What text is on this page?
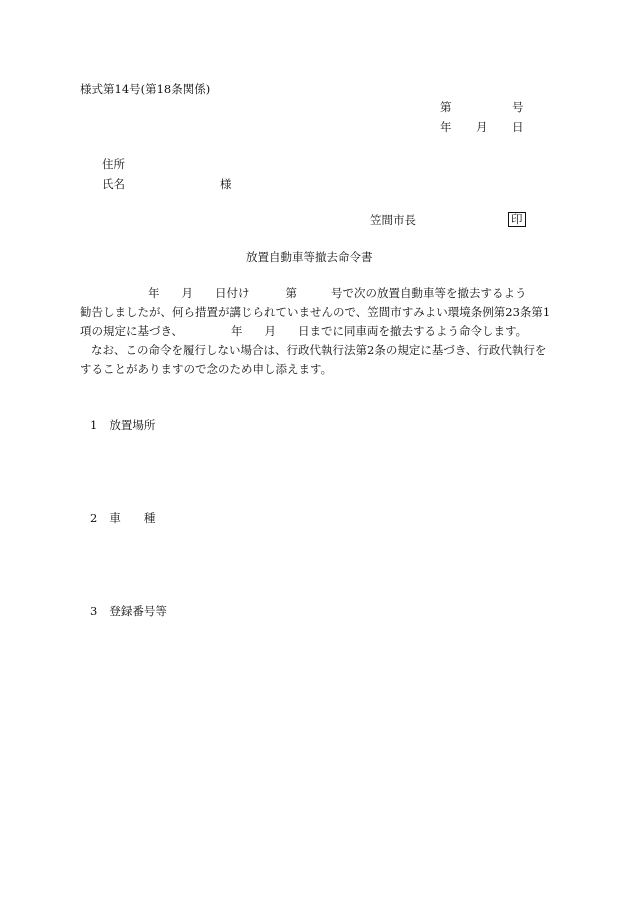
様式第14号(第18条関係)
第	号
年 月 日
住所
氏名	様
笠間市長	印
放置自動車等撤去命令書
年 月 日付け	第	号で次の放置自動車等を撤去するよう
勧告しましたが、何ら措置が講じられていませんので、笠間市すみよい環境条例第23条第1
項の規定に基づき、	年 月 日までに同車両を撤去するよう命令します。
なお、この命令を履行しない場合は、行政代執行法第2条の規定に基づき、行政代執行を
することがありますので念のため申し添えます。
1 放置場所
2 車　　種
3 登録番号等
